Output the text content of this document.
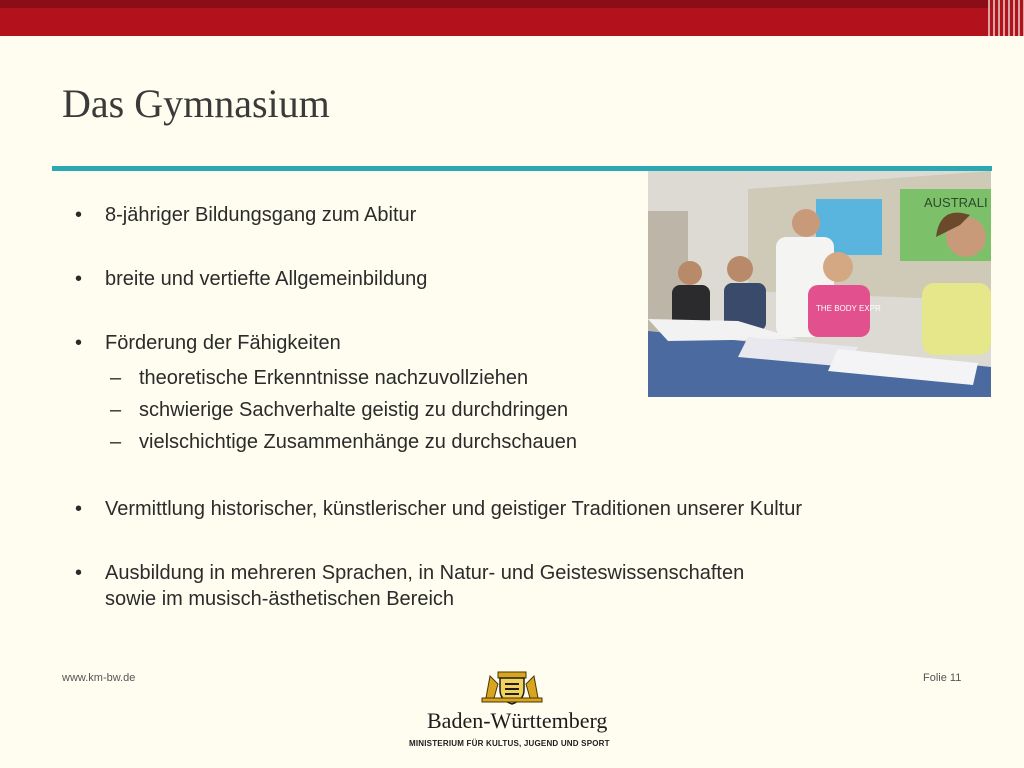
Das Gymnasium
• 8-jähriger Bildungsgang zum Abitur
• breite und vertiefte Allgemeinbildung
• Förderung der Fähigkeiten
– theoretische Erkenntnisse nachzuvollziehen
– schwierige Sachverhalte geistig zu durchdringen
– vielschichtige Zusammenhänge zu durchschauen
• Vermittlung historischer, künstlerischer und geistiger Traditionen unserer Kultur
• Ausbildung in mehreren Sprachen, in Natur- und Geisteswissenschaften sowie im musisch-ästhetischen Bereich
AUSTRALI
THE BODY EXPR
www.km-bw.de	Folie 11
Baden-Württemberg
MINISTERIUM FÜR KULTUS, JUGEND UND SPORT
